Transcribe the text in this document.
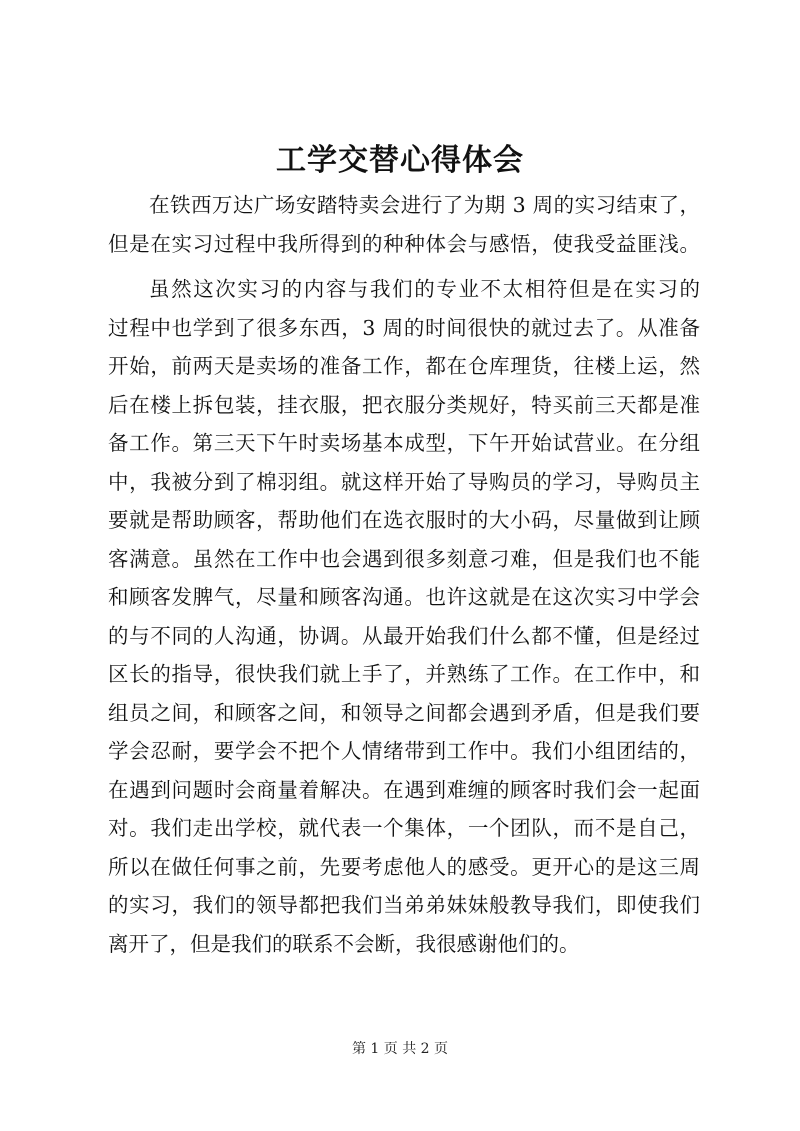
工学交替心得体会
在铁西万达广场安踏特卖会进行了为期 3 周的实习结束了，
但是在实习过程中我所得到的种种体会与感悟，使我受益匪浅。
虽然这次实习的内容与我们的专业不太相符但是在实习的
过程中也学到了很多东西，3 周的时间很快的就过去了。从准备
开始，前两天是卖场的准备工作，都在仓库理货，往楼上运，然
后在楼上拆包装，挂衣服，把衣服分类规好，特买前三天都是准
备工作。第三天下午时卖场基本成型，下午开始试营业。在分组
中，我被分到了棉羽组。就这样开始了导购员的学习，导购员主
要就是帮助顾客，帮助他们在选衣服时的大小码，尽量做到让顾
客满意。虽然在工作中也会遇到很多刻意刁难，但是我们也不能
和顾客发脾气，尽量和顾客沟通。也许这就是在这次实习中学会
的与不同的人沟通，协调。从最开始我们什么都不懂，但是经过
区长的指导，很快我们就上手了，并熟练了工作。在工作中，和
组员之间，和顾客之间，和领导之间都会遇到矛盾，但是我们要
学会忍耐，要学会不把个人情绪带到工作中。我们小组团结的，
在遇到问题时会商量着解决。在遇到难缠的顾客时我们会一起面
对。我们走出学校，就代表一个集体，一个团队，而不是自己，
所以在做任何事之前，先要考虑他人的感受。更开心的是这三周
的实习，我们的领导都把我们当弟弟妹妹般教导我们，即使我们
离开了，但是我们的联系不会断，我很感谢他们的。
第 1 页 共 2 页
